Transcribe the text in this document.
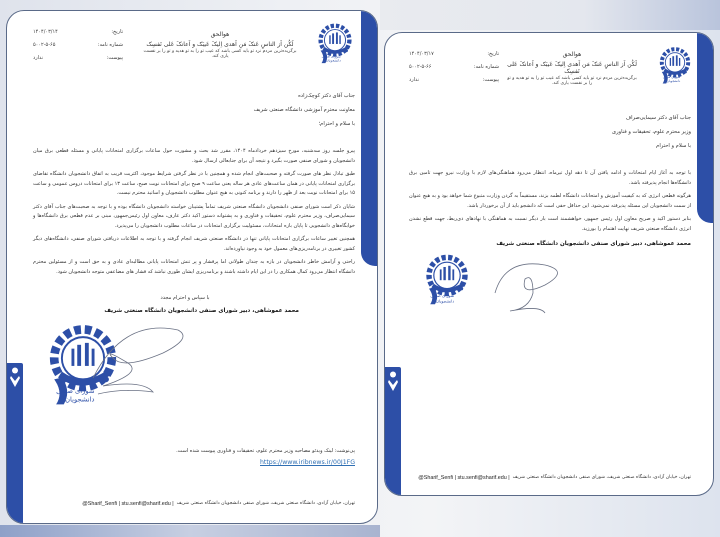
هوالحق
لَکُن اَز الناسِ عَنکَ مَن اَهدی اِلیکَ عَیبَک و اَعانکَ عَلی نَفسِک
برگزیده‌ترین مردم نزد تو باید کسی باشد که عیب تو را به تو هدیه و تو را بر نفست یاری کند.
تاریخ:
۱۴۰۴/۰۳/۱۴
شماره نامه:
۵۰۰۲-۵-۶۵
پیوست:
ندارد
جناب آقای دکتر کوچک‌زاده
معاونت محترم آموزشی دانشگاه صنعتی شریف
با سلام و احترام؛

پیرو جلسه روز سه‌شنبه، مورخ سیزدهم خردادماه ۱۴۰۴، مقرر شد بحث و مشورت حول ساعات برگزاری امتحانات پایانی و مسئله قطعی برق میان دانشجویان و شورای صنفی صورت بگیرد و نتیجه آن برای جنابعالی ارسال شود.

طبق تبادل نظر های صورت گرفته و صحبت‌های انجام شده و همچنین با در نظر گرفتن شرایط موجود، اکثریت قریب به اتفاق دانشجویان دانشگاه تقاضای برگزاری امتحانات پایانی در همان ساعت‌های عادی هر ساله یعنی ساعت ۹ صبح برای امتحانات نوبت صبح، ساعت ۱۳ برای امتحانات دروس عمومی و ساعت ۱۵ برای امتحانات نوبت بعد از ظهر را دارند و برنامه کنونی به هیچ عنوان مطلوب دانشجویان و اساتید محترم نیست.

شایان ذکر است شورای صنفی دانشجویان دانشگاه صنعتی شریف تماماً پشتیبان خواسته دانشجویان دانشگاه بوده و با توجه به صحبت‌های جناب آقای دکتر سیمایی‌صراف، وزیر محترم علوم، تحقیقات و فناوری و به پشتوانه دستور اکید دکتر عارف، معاون اول رئیس‌جمهور، مبنی بر عدم قطعی برق دانشگاه‌ها و خوابگاه‌های دانشجویی تا پایان بازه امتحانات، مسئولیت برگزاری امتحانات در ساعات مطلوب دانشجویان را می‌پذیرد.

همچنین تغییر ساعات برگزاری امتحانات پایانی تنها در دانشگاه صنعتی شریف انجام گرفته و با توجه به اطلاعات دریافتی شورای صنفی، دانشگاه‌های دیگر کشور تغییری در برنامه‌ریزی‌های معمول خود به وجود نیاورده‌اند.

راحتی و آرامش خاطر دانشجویان در بازه به چندان طولانی اما پرفشار و پر تنش امتحانات پایانی مطالبه‌ای عادی و به حق است و از مسئولین محترم دانشگاه انتظار می‌رود کمال همکاری را در این ایام داشته باشند و برنامه‌ریزی ایشان طوری نباشد که فشار های مضاعفی متوجه دانشجویان شود.

با سپاس و احترام مجدد
محمد عموشاهی، دبیر شورای صنفی دانشجویان دانشگاه صنعتی شریف
پی‌نوشت: لینک ویدئو مصاحبه وزیر محترم علوم، تحقیقات و فناوری پیوست شده است.
https://www.iribnews.ir/00J1FG
تهران، خیابان آزادی، دانشگاه صنعتی شریف، شورای صنفی دانشجویان دانشگاه صنعتی شریف
@Sharif_Senfi | stu.senfi@sharif.edu |
هوالحق
لَکُن اَز الناسِ عَنکَ مَن اَهدی اِلیکَ عَیبَک و اَعانکَ عَلی نَفسِک
برگزیده‌ترین مردم نزد تو باید کسی باشد که عیب تو را به تو هدیه و تو را بر نفست یاری کند.
تاریخ:
۱۴۰۴/۰۳/۱۷
شماره نامه:
۵۰۰۲-۵-۶۶
پیوست:
ندارد
جناب آقای دکتر سیمایی‌صراف
وزیر محترم علوم، تحقیقات و فناوری
با سلام و احترام

با توجه به آغاز ایام امتحانات و ادامه یافتن آن تا دهه اول تیرماه، انتظار می‌رود هماهنگی‌های لازم با وزارت نیرو جهت تامین برق دانشگاه‌ها انجام پذیرفته باشد.

هرگونه قطعی انرژی که به کیفیت آموزش و امتحانات دانشگاه لطمه بزند، مستقیماً به گردن وزارت متبوع شما خواهد بود و به هیچ عنوان از سمت دانشجویان این مسئله پذیرفته نمی‌شود. این حداقل حقی است که دانشجو باید از آن برخوردار باشد.

بنابر دستور اکید و صریح معاون اول رئیس جمهور، خواهشمند است بار دیگر نسبت به هماهنگی با نهادهای ذی‌ربط، جهت قطع نشدن انرژی دانشگاه صنعتی شریف نهایت اهتمام را بورزید.

محمد عموشاهی، دبیر شورای صنفی دانشجویان دانشگاه صنعتی شریف
تهران، خیابان آزادی، دانشگاه صنعتی شریف، شورای صنفی دانشجویان دانشگاه صنعتی شریف
@Sharif_Senfi | stu.senfi@sharif.edu |
